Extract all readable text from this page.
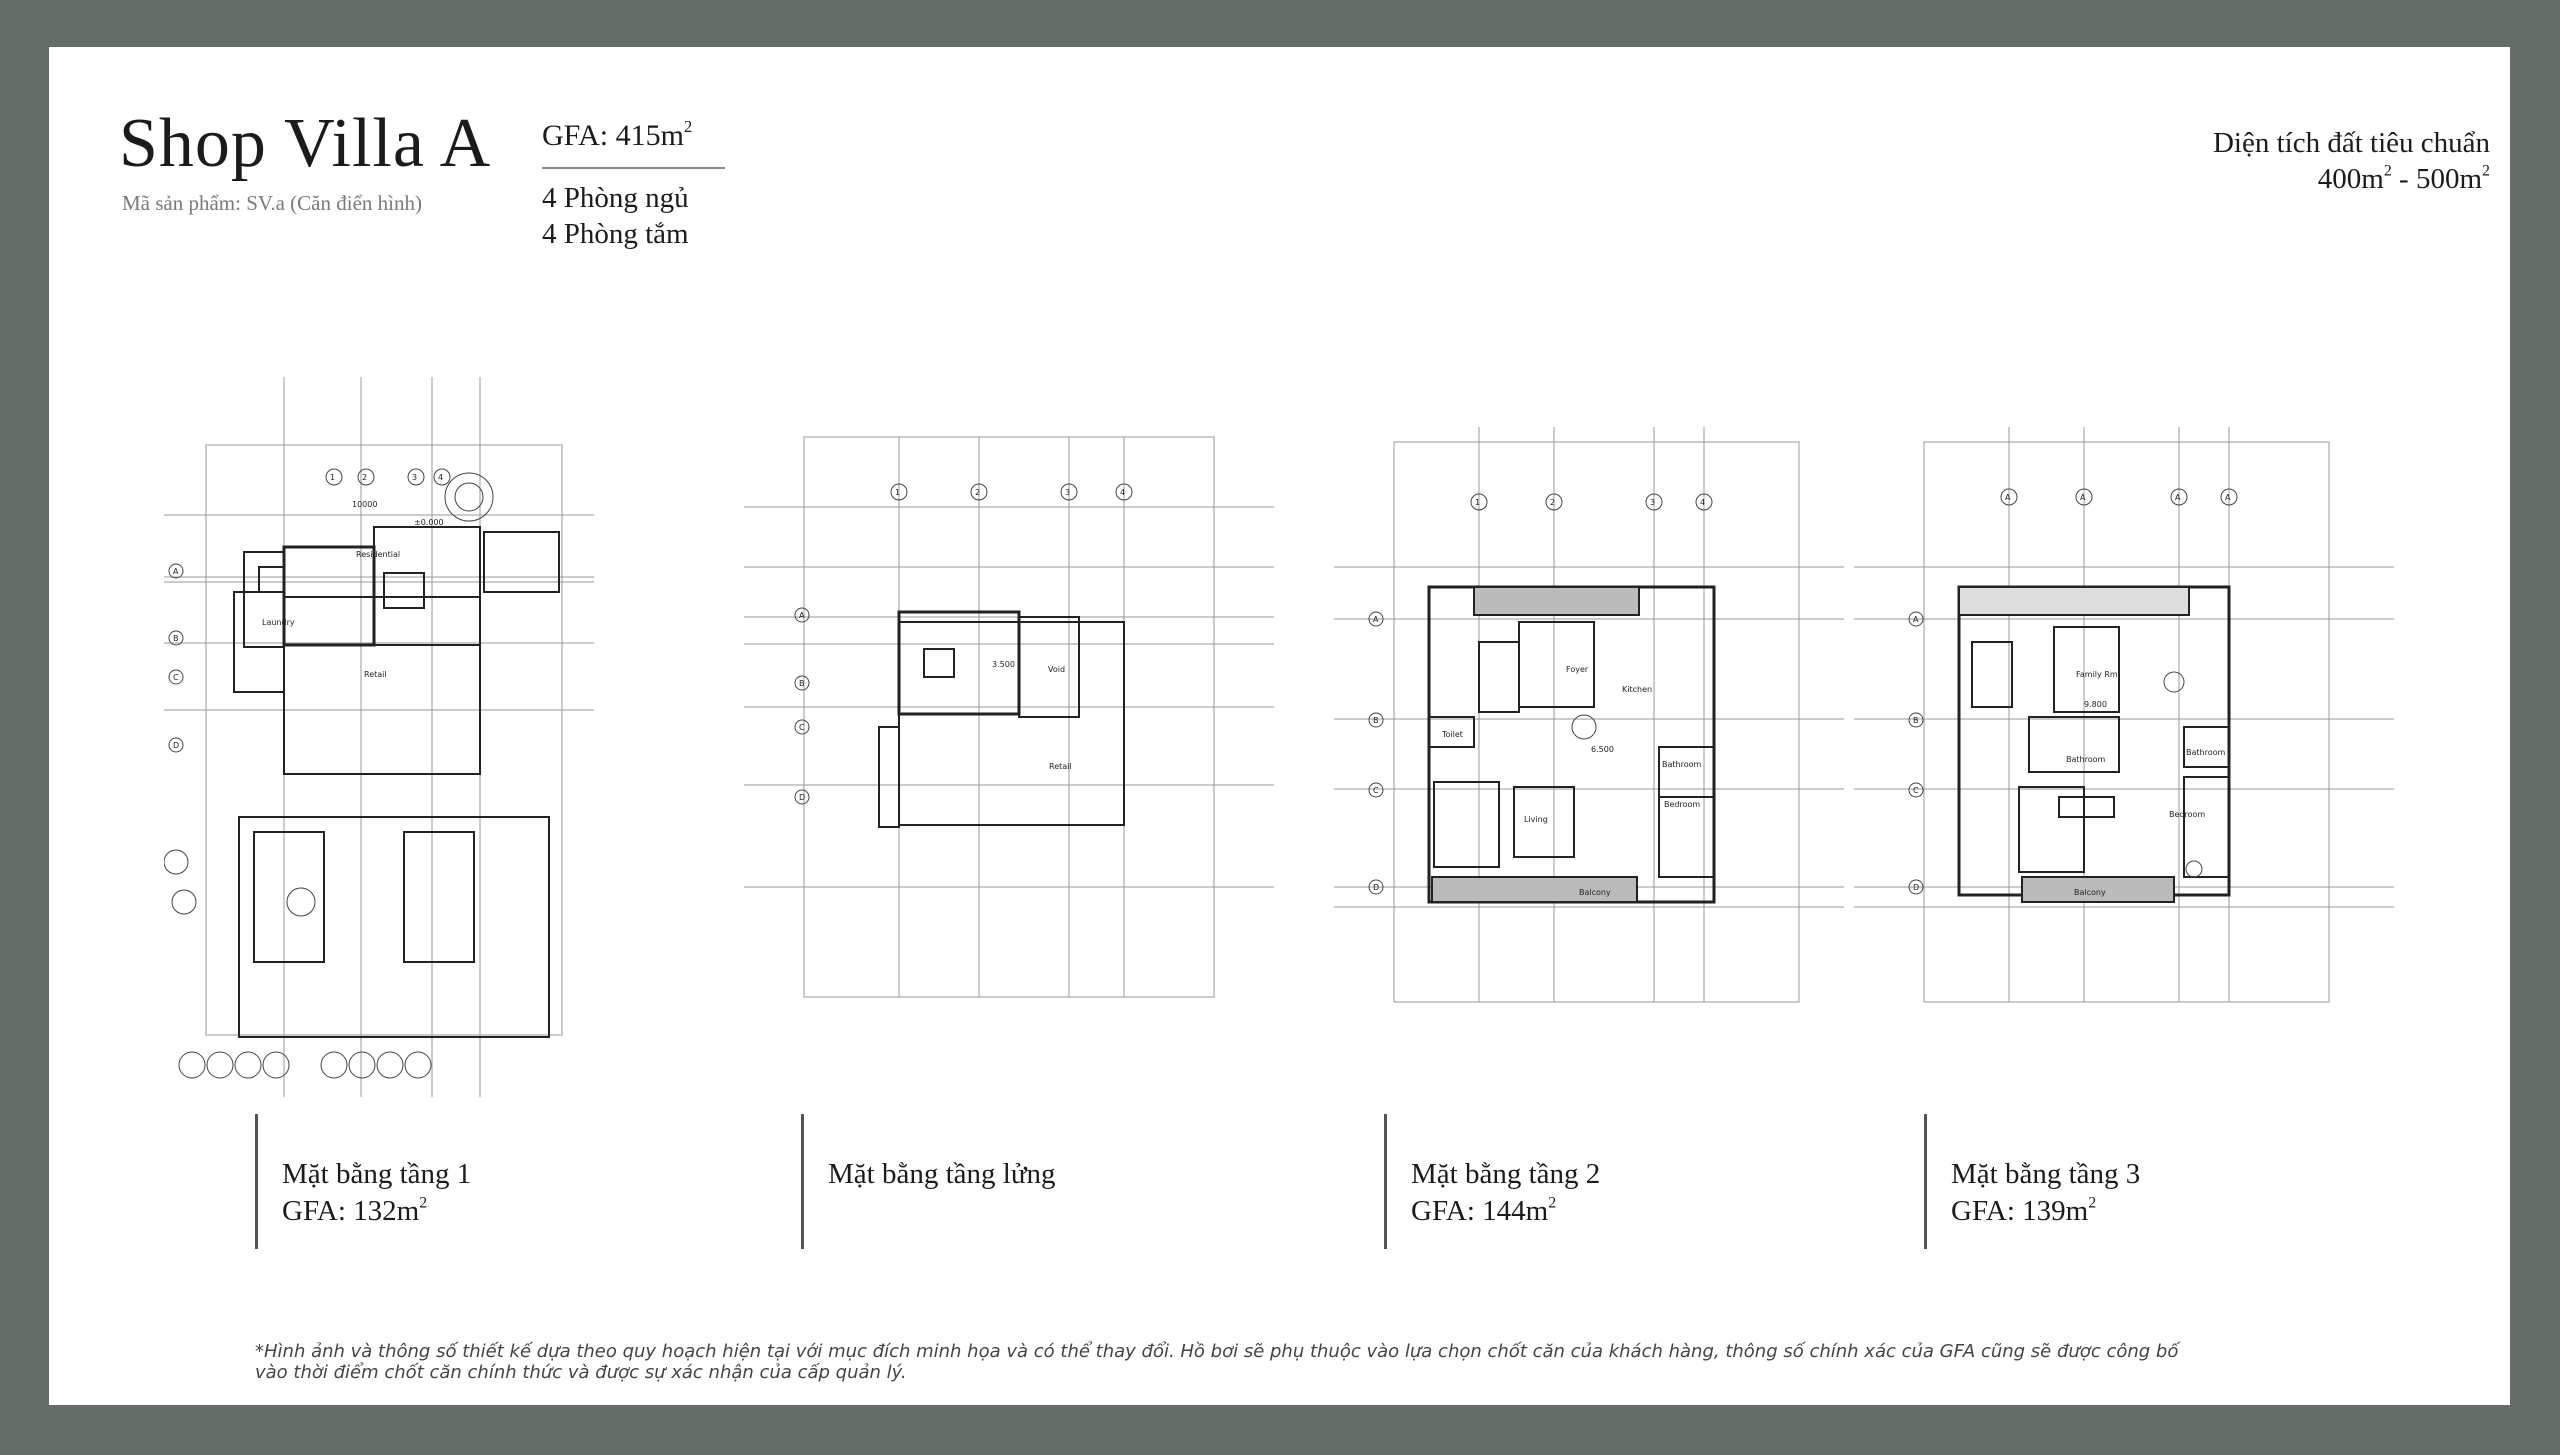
Shop Villa A
Mã sản phẩm: SV.a (Căn điển hình)
GFA: $415m^2$
4 Phòng ngủ
4 Phòng tắm
Diện tích đất tiêu chuẩn
$400m^2 - 500m^2$
Residential
Laundry
Retail
±0.000
1	2	3	4
A
B
C
D
10000
Void
Retail
3.500
1	2	3	4
A
B
C
D
Foyer
Kitchen
Toilet
Bathroom
Living
Bedroom
Balcony
6.500
1	2	3	4
A
B
C
D
Family Rm
Bathroom
Bathroom
Bedroom
Balcony
9.800
A	A	A	A
A
B
C
D
Mặt bằng tầng 1
GFA: $132m^2$
Mặt bằng tầng lửng	Mặt bằng tầng 2
GFA: $144m^2$
Mặt bằng tầng 3
GFA: $139m^2$
*Hình ảnh và thông số thiết kế dựa theo quy hoạch hiện tại với mục đích minh họa và có thể thay đổi. Hồ bơi sẽ phụ thuộc vào lựa chọn chốt căn của khách hàng, thông số chính xác của GFA cũng sẽ được công bố vào thời điểm chốt căn chính thức và được sự xác nhận của cấp quản lý.
